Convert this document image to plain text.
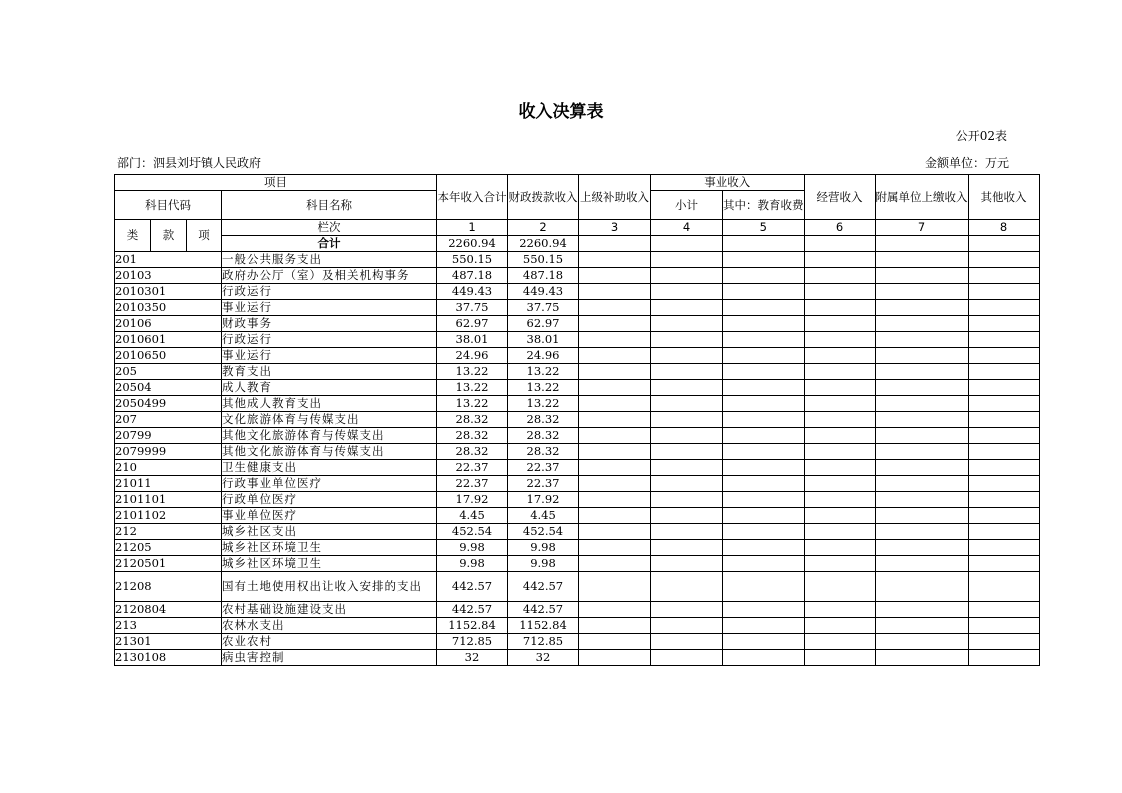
收入决算表
公开02表
部门：泗县刘圩镇人民政府	金额单位：万元
项目				本年收入合计	财政拨款收入	上级补助收入	事业收入		经营收入	附属单位上缴收入	其他收入
科目代码			科目名称				小计	其中：教育收费			
类	款	项	栏次	1	2	3	4	5	6	7	8
			合计	2260.94	2260.94						
201			一般公共服务支出	550.15	550.15						
20103			政府办公厅（室）及相关机构事务	487.18	487.18						
2010301			行政运行	449.43	449.43						
2010350			事业运行	37.75	37.75						
20106			财政事务	62.97	62.97						
2010601			行政运行	38.01	38.01						
2010650			事业运行	24.96	24.96						
205			教育支出	13.22	13.22						
20504			成人教育	13.22	13.22						
2050499			其他成人教育支出	13.22	13.22						
207			文化旅游体育与传媒支出	28.32	28.32						
20799			其他文化旅游体育与传媒支出	28.32	28.32						
2079999			其他文化旅游体育与传媒支出	28.32	28.32						
210			卫生健康支出	22.37	22.37						
21011			行政事业单位医疗	22.37	22.37						
2101101			行政单位医疗	17.92	17.92						
2101102			事业单位医疗	4.45	4.45						
212			城乡社区支出	452.54	452.54						
21205			城乡社区环境卫生	9.98	9.98						
2120501			城乡社区环境卫生	9.98	9.98						
21208			国有土地使用权出让收入安排的支出	442.57	442.57						
2120804			农村基础设施建设支出	442.57	442.57						
213			农林水支出	1152.84	1152.84						
21301			农业农村	712.85	712.85						
2130108			病虫害控制	32	32						
